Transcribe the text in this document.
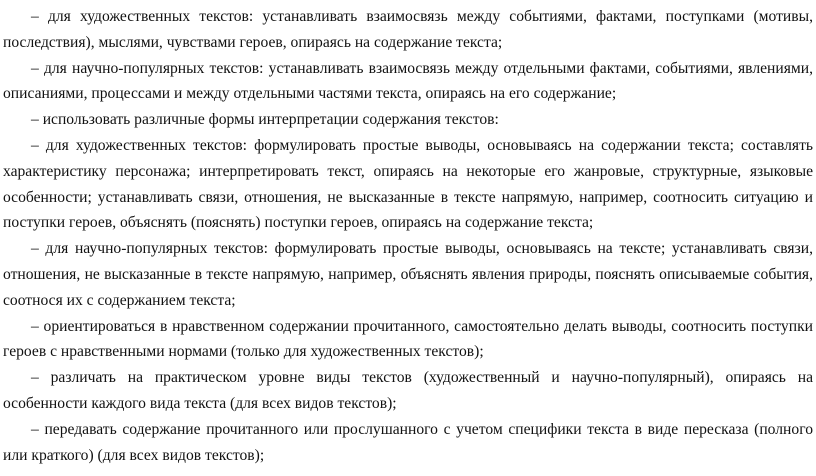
– для художественных текстов: устанавливать взаимосвязь между событиями, фактами, поступками (мотивы, последствия), мыслями, чувствами героев, опираясь на содержание текста;

– для научно-популярных текстов: устанавливать взаимосвязь между отдельными фактами, событиями, явлениями, описаниями, процессами и между отдельными частями текста, опираясь на его содержание;

– использовать различные формы интерпретации содержания текстов:

– для художественных текстов: формулировать простые выводы, основываясь на содержании текста; составлять характеристику персонажа; интерпретировать текст, опираясь на некоторые его жанровые, структурные, языковые особенности; устанавливать связи, отношения, не высказанные в тексте напрямую, например, соотносить ситуацию и поступки героев, объяснять (пояснять) поступки героев, опираясь на содержание текста;

– для научно-популярных текстов: формулировать простые выводы, основываясь на тексте; устанавливать связи, отношения, не высказанные в тексте напрямую, например, объяснять явления природы, пояснять описываемые события, соотнося их с содержанием текста;

– ориентироваться в нравственном содержании прочитанного, самостоятельно делать выводы, соотносить поступки героев с нравственными нормами (только для художественных текстов);

– различать на практическом уровне виды текстов (художественный и научно-популярный), опираясь на особенности каждого вида текста (для всех видов текстов);

– передавать содержание прочитанного или прослушанного с учетом специфики текста в виде пересказа (полного или краткого) (для всех видов текстов);
